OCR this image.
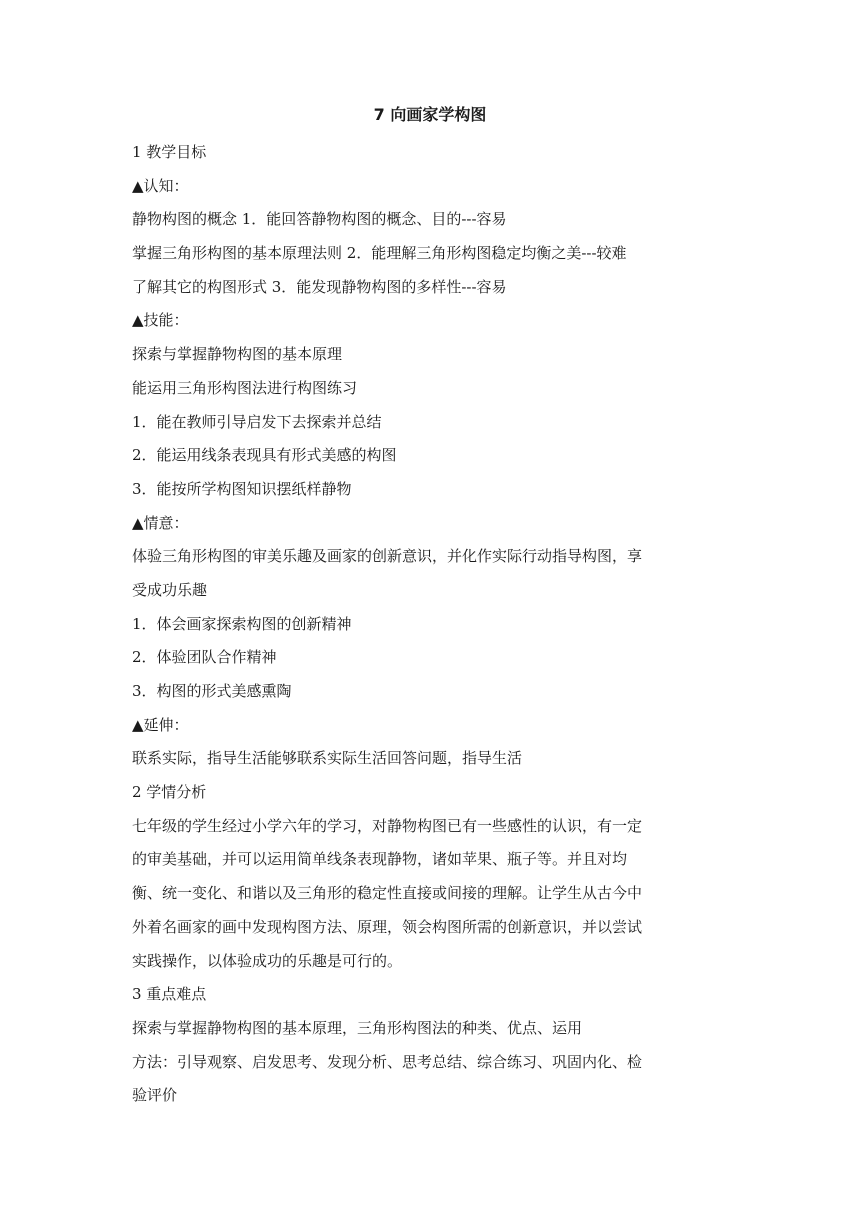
7 向画家学构图
1 教学目标
▲认知：
静物构图的概念 1．能回答静物构图的概念、目的---容易
掌握三角形构图的基本原理法则 2．能理解三角形构图稳定均衡之美---较难
了解其它的构图形式 3．能发现静物构图的多样性---容易
▲技能：
探索与掌握静物构图的基本原理
能运用三角形构图法进行构图练习
1．能在教师引导启发下去探索并总结
2．能运用线条表现具有形式美感的构图
3．能按所学构图知识摆纸样静物
▲情意：
体验三角形构图的审美乐趣及画家的创新意识，并化作实际行动指导构图，享
受成功乐趣
1．体会画家探索构图的创新精神
2．体验团队合作精神
3．构图的形式美感熏陶
▲延伸：
联系实际，指导生活能够联系实际生活回答问题，指导生活
2 学情分析
七年级的学生经过小学六年的学习，对静物构图已有一些感性的认识，有一定
的审美基础，并可以运用简单线条表现静物，诸如苹果、瓶子等。并且对均
衡、统一变化、和谐以及三角形的稳定性直接或间接的理解。让学生从古今中
外着名画家的画中发现构图方法、原理，领会构图所需的创新意识，并以尝试
实践操作，以体验成功的乐趣是可行的。
3 重点难点
探索与掌握静物构图的基本原理，三角形构图法的种类、优点、运用
方法：引导观察、启发思考、发现分析、思考总结、综合练习、巩固内化、检
验评价
